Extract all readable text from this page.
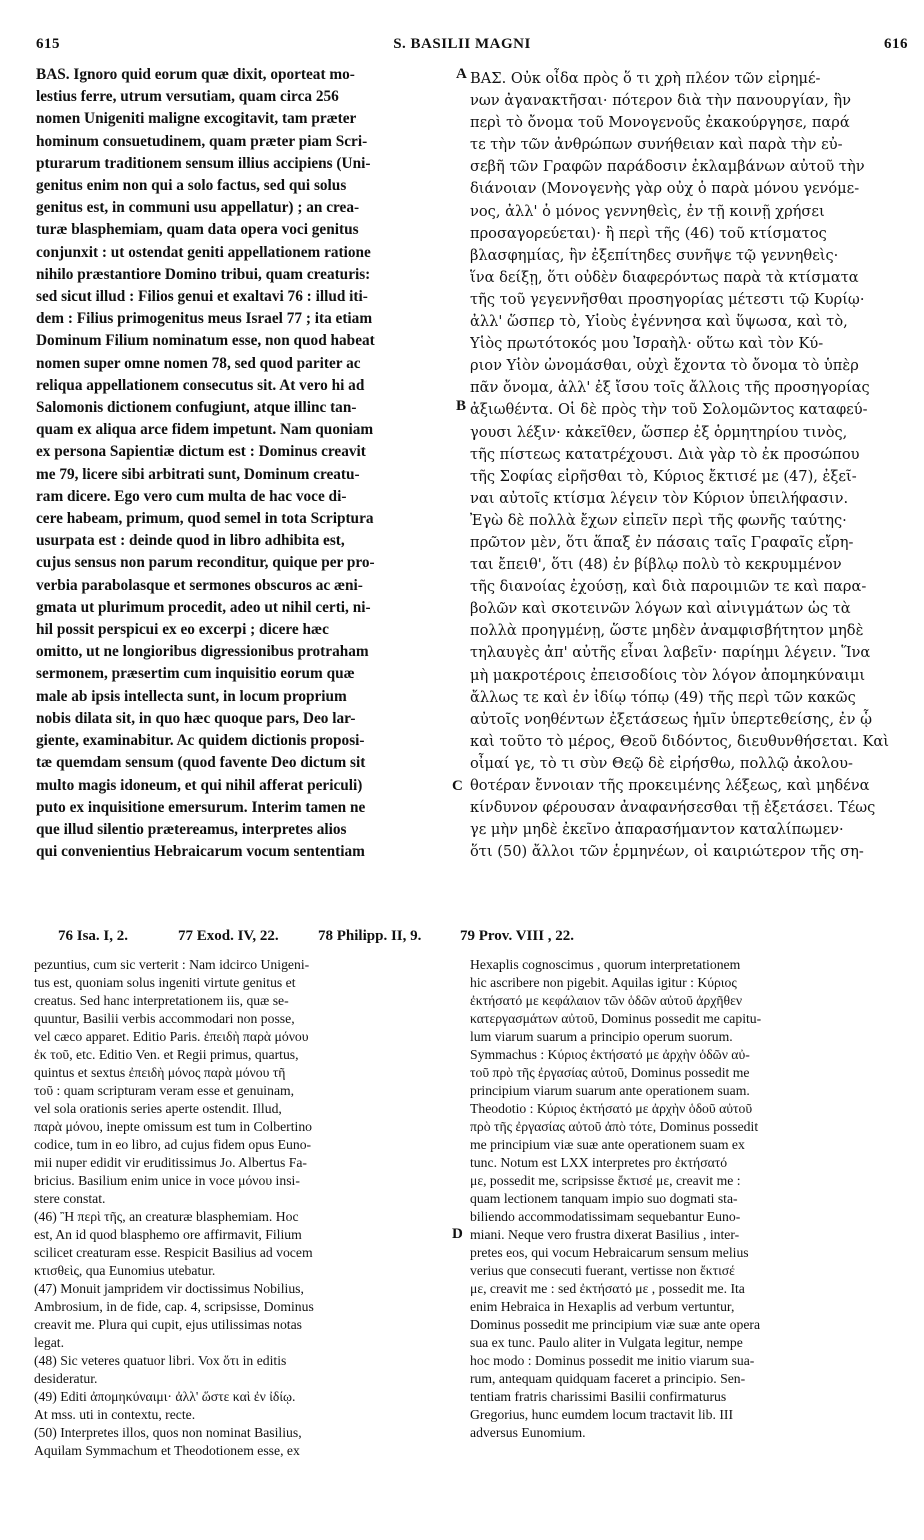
615	S. BASILII MAGNI	616
BAS. Ignoro quid eorum quæ dixit, oporteat mo-
lestius ferre, utrum versutiam, quam circa 256
nomen Unigeniti maligne excogitavit, tam præter
hominum consuetudinem, quam præter piam Scri-
pturarum traditionem sensum illius accipiens (Uni-
genitus enim non qui a solo factus, sed qui solus
genitus est, in communi usu appellatur) ; an crea-
turæ blasphemiam, quam data opera voci genitus
conjunxit : ut ostendat geniti appellationem ratione
nihilo præstantiore Domino tribui, quam creaturis:
sed sicut illud : Filios genui et exaltavi 76 : illud iti-
dem : Filius primogenitus meus Israel 77 ; ita etiam
Dominum Filium nominatum esse, non quod habeat
nomen super omne nomen 78, sed quod pariter ac
reliqua appellationem consecutus sit. At vero hi ad
Salomonis dictionem confugiunt, atque illinc tan-
quam ex aliqua arce fidem impetunt. Nam quoniam
ex persona Sapientiæ dictum est : Dominus creavit
me 79, licere sibi arbitrati sunt, Dominum creatu-
ram dicere. Ego vero cum multa de hac voce di-
cere habeam, primum, quod semel in tota Scriptura
usurpata est : deinde quod in libro adhibita est,
cujus sensus non parum reconditur, quique per pro-
verbia parabolasque et sermones obscuros ac æni-
gmata ut plurimum procedit, adeo ut nihil certi, ni-
hil possit perspicui ex eo excerpi ; dicere hæc
omitto, ut ne longioribus digressionibus protraham
sermonem, præsertim cum inquisitio eorum quæ
male ab ipsis intellecta sunt, in locum proprium
nobis dilata sit, in quo hæc quoque pars, Deo lar-
giente, examinabitur. Ac quidem dictionis proposi-
tæ quemdam sensum (quod favente Deo dictum sit
multo magis idoneum, et qui nihil afferat periculi)
puto ex inquisitione emersurum. Interim tamen ne
que illud silentio prætereamus, interpretes alios
qui convenientius Hebraicarum vocum sententiam
ΒΑΣ. Οὐκ οἶδα πρὸς ὅ τι χρὴ πλέον τῶν εἰρημέ-
νων ἀγανακτῆσαι· πότερον διὰ τὴν πανουργίαν, ἣν
περὶ τὸ ὄνομα τοῦ Μονογενοῦς ἐκακούργησε, παρά
τε τὴν τῶν ἀνθρώπων συνήθειαν καὶ παρὰ τὴν εὐ-
σεβῆ τῶν Γραφῶν παράδοσιν ἐκλαμβάνων αὐτοῦ τὴν
διάνοιαν (Μονογενὴς γὰρ οὐχ ὁ παρὰ μόνου γενόμε-
νος, ἀλλ' ὁ μόνος γεννηθεὶς, ἐν τῇ κοινῇ χρήσει
προσαγορεύεται)· ἢ περὶ τῆς (46) τοῦ κτίσματος
βλασφημίας, ἣν ἐξεπίτηδες συνῆψε τῷ γεννηθεὶς·
ἵνα δείξῃ, ὅτι οὐδὲν διαφερόντως παρὰ τὰ κτίσματα
τῆς τοῦ γεγεννῆσθαι προσηγορίας μέτεστι τῷ Κυρίῳ·
ἀλλ' ὥσπερ τὸ, Υἱοὺς ἐγέννησα καὶ ὕψωσα, καὶ τὸ,
Υἱὸς πρωτότοκός μου Ἰσραὴλ· οὕτω καὶ τὸν Κύ-
ριον Υἱὸν ὠνομάσθαι, οὐχὶ ἔχοντα τὸ ὄνομα τὸ ὑπὲρ
πᾶν ὄνομα, ἀλλ' ἐξ ἴσου τοῖς ἄλλοις τῆς προσηγορίας
ἀξιωθέντα. Οἱ δὲ πρὸς τὴν τοῦ Σολομῶντος καταφεύ-
γουσι λέξιν· κἀκεῖθεν, ὥσπερ ἐξ ὁρμητηρίου τινὸς,
τῆς πίστεως κατατρέχουσι. Διὰ γὰρ τὸ ἐκ προσώπου
τῆς Σοφίας εἰρῆσθαι τὸ, Κύριος ἔκτισέ με (47), ἐξεῖ-
ναι αὐτοῖς κτίσμα λέγειν τὸν Κύριον ὑπειλήφασιν.
Ἐγὼ δὲ πολλὰ ἔχων εἰπεῖν περὶ τῆς φωνῆς ταύτης·
πρῶτον μὲν, ὅτι ἅπαξ ἐν πάσαις ταῖς Γραφαῖς εἴρη-
ται ἔπειθ', ὅτι (48) ἐν βίβλῳ πολὺ τὸ κεκρυμμένον
τῆς διανοίας ἐχούσῃ, καὶ διὰ παροιμιῶν τε καὶ παρα-
βολῶν καὶ σκοτεινῶν λόγων καὶ αἰνιγμάτων ὡς τὰ
πολλὰ προηγμένῃ, ὥστε μηδὲν ἀναμφισβήτητον μηδὲ
τηλαυγὲς ἀπ' αὐτῆς εἶναι λαβεῖν· παρίημι λέγειν. Ἵνα
μὴ μακροτέροις ἐπεισοδίοις τὸν λόγον ἀπομηκύναιμι
ἄλλως τε καὶ ἐν ἰδίῳ τόπῳ (49) τῆς περὶ τῶν κακῶς
αὐτοῖς νοηθέντων ἐξετάσεως ἡμῖν ὑπερτεθείσης, ἐν ᾧ
καὶ τοῦτο τὸ μέρος, Θεοῦ διδόντος, διευθυνθήσεται. Καὶ
οἶμαί γε, τὸ τι σὺν Θεῷ δὲ εἰρήσθω, πολλῷ ἀκολου-
θοτέραν ἔννοιαν τῆς προκειμένης λέξεως, καὶ μηδένα
κίνδυνον φέρουσαν ἀναφανήσεσθαι τῇ ἐξετάσει. Τέως
γε μὴν μηδὲ ἐκεῖνο ἀπαρασήμαντον καταλίπωμεν·
ὅτι (50) ἄλλοι τῶν ἑρμηνέων, οἱ καιριώτερον τῆς ση-
A
B
C
D
76 Isa. I, 2.	77 Exod. IV, 22.	78 Philipp. II, 9.	79 Prov. VIII , 22.
pezuntius, cum sic verterit : Nam idcirco Unigeni-
tus est, quoniam solus ingeniti virtute genitus et
creatus. Sed hanc interpretationem iis, quæ se-
quuntur, Basilii verbis accommodari non posse,
vel cæco apparet. Editio Paris. ἐπειδὴ παρὰ μόνου
ἐκ τοῦ, etc. Editio Ven. et Regii primus, quartus,
quintus et sextus ἐπειδὴ μόνος παρὰ μόνου τῆ
τοῦ : quam scripturam veram esse et genuinam,
vel sola orationis series aperte ostendit. Illud,
παρὰ μόνου, inepte omissum est tum in Colbertino
codice, tum in eo libro, ad cujus fidem opus Euno-
mii nuper edidit vir eruditissimus Jo. Albertus Fa-
bricius. Basilium enim unice in voce μόνου insi-
stere constat.
(46) Ἢ περὶ τῆς, an creaturæ blasphemiam. Hoc
est, An id quod blasphemo ore affirmavit, Filium
scilicet creaturam esse. Respicit Basilius ad vocem
κτισθεὶς, qua Eunomius utebatur.
(47) Monuit jampridem vir doctissimus Nobilius,
Ambrosium, in de fide, cap. 4, scripsisse, Dominus
creavit me. Plura qui cupit, ejus utilissimas notas
legat.
(48) Sic veteres quatuor libri. Vox ὅτι in editis
desideratur.
(49) Editi ἀπομηκύναιμι· ἀλλ' ὥστε καὶ ἐν ἰδίῳ.
At mss. uti in contextu, recte.
(50) Interpretes illos, quos non nominat Basilius,
Aquilam Symmachum et Theodotionem esse, ex
Hexaplis cognoscimus , quorum interpretationem
hic ascribere non pigebit. Aquilas igitur : Κύριος
ἐκτήσατό με κεφάλαιον τῶν ὁδῶν αὐτοῦ ἀρχῆθεν
κατεργασμάτων αὐτοῦ, Dominus possedit me capitu-
lum viarum suarum a principio operum suorum.
Symmachus : Κύριος ἐκτήσατό με ἀρχὴν ὁδῶν αὐ-
τοῦ πρὸ τῆς ἐργασίας αὐτοῦ, Dominus possedit me
principium viarum suarum ante operationem suam.
Theodotio : Κύριος ἐκτήσατό με ἀρχὴν ὁδοῦ αὐτοῦ
πρὸ τῆς ἐργασίας αὐτοῦ ἀπὸ τότε, Dominus possedit
me principium viæ suæ ante operationem suam ex
tunc. Notum est LXX interpretes pro ἐκτήσατό
με, possedit me, scripsisse ἔκτισέ με, creavit me :
quam lectionem tanquam impio suo dogmati sta-
biliendo accommodatissimam sequebantur Euno-
miani. Neque vero frustra dixerat Basilius , inter-
pretes eos, qui vocum Hebraicarum sensum melius
verius que consecuti fuerant, vertisse non ἔκτισέ
με, creavit me : sed ἐκτήσατό με , possedit me. Ita
enim Hebraica in Hexaplis ad verbum vertuntur,
Dominus possedit me principium viæ suæ ante opera
sua ex tunc. Paulo aliter in Vulgata legitur, nempe
hoc modo : Dominus possedit me initio viarum sua-
rum, antequam quidquam faceret a principio. Sen-
tentiam fratris charissimi Basilii confirmaturus
Gregorius, hunc eumdem locum tractavit lib. III
adversus Eunomium.
